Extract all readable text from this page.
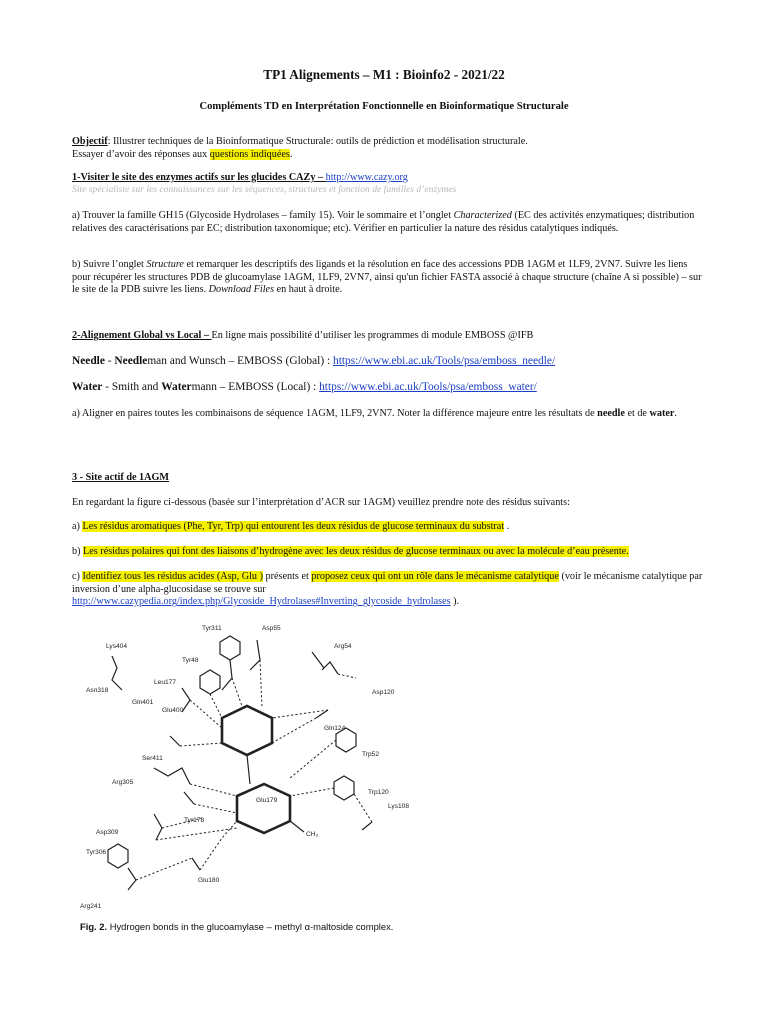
TP1 Alignements – M1 : Bioinfo2 - 2021/22
Compléments TD en Interprétation Fonctionnelle en Bioinformatique Structurale
Objectif: Illustrer techniques de la Bioinformatique Structurale: outils de prédiction et modélisation structurale.
Essayer d’avoir des réponses aux questions indiquées.
1-Visiter le site des enzymes actifs sur les glucides CAZy – http://www.cazy.org
Site spécialiste sur les connaissances sur les séquences, structures et fonction de familles d’enzymes
a) Trouver la famille GH15 (Glycoside Hydrolases – family 15). Voir le sommaire et l’onglet Characterized (EC des activités enzymatiques; distribution relatives des caractérisations par EC; distribution taxonomique; etc). Vérifier en particulier la nature des résidus catalytiques indiqués.
b) Suivre l’onglet Structure et remarquer les descriptifs des ligands et la résolution en face des accessions PDB 1AGM et 1LF9, 2VN7. Suivre les liens pour récupérer les structures PDB de glucoamylase 1AGM, 1LF9, 2VN7, ainsi qu'un fichier FASTA associé à chaque structure (chaîne A si possible) – sur le site de la PDB suivre les liens. Download Files en haut à droite.
2-Alignement Global vs Local – En ligne mais possibilité d’utiliser les programmes di module EMBOSS @IFB
Needle - Needleman and Wunsch – EMBOSS (Global) : https://www.ebi.ac.uk/Tools/psa/emboss_needle/
Water - Smith and Watermann – EMBOSS (Local) : https://www.ebi.ac.uk/Tools/psa/emboss_water/
a) Aligner en paires toutes les combinaisons de séquence 1AGM, 1LF9, 2VN7. Noter la différence majeure entre les résultats de needle et de water.
3 - Site actif de 1AGM
En regardant la figure ci-dessous (basée sur l’interprétation d’ACR sur 1AGM) veuillez prendre note des résidus suivants:
a) Les résidus aromatiques (Phe, Tyr, Trp) qui entourent les deux résidus de glucose terminaux du substrat .
b) Les résidus polaires qui font des liaisons d’hydrogène avec les deux résidus de glucose terminaux ou avec la molécule d’eau présente.
c) Identifiez tous les résidus acides (Asp, Glu ) présents et proposez ceux qui ont un rôle dans le mécanisme catalytique (voir le mécanisme catalytique par inversion d’une alpha-glucosidase se trouve sur
http://www.cazypedia.org/index.php/Glycoside_Hydrolases#Inverting_glycoside_hydrolases ).
CH₃
Tyr311	Asp55
Lys404
Tyr48
Arg54
Asn318
Leu177
Asp120
Gln401
Glu400
Gln124
Trp52
Ser411
Arg305
Glu179
Trp120
Lys108
Tyr178
Asp309
Tyr306
Glu180
Arg241
Fig. 2. Hydrogen bonds in the glucoamylase – methyl α-maltoside complex.
